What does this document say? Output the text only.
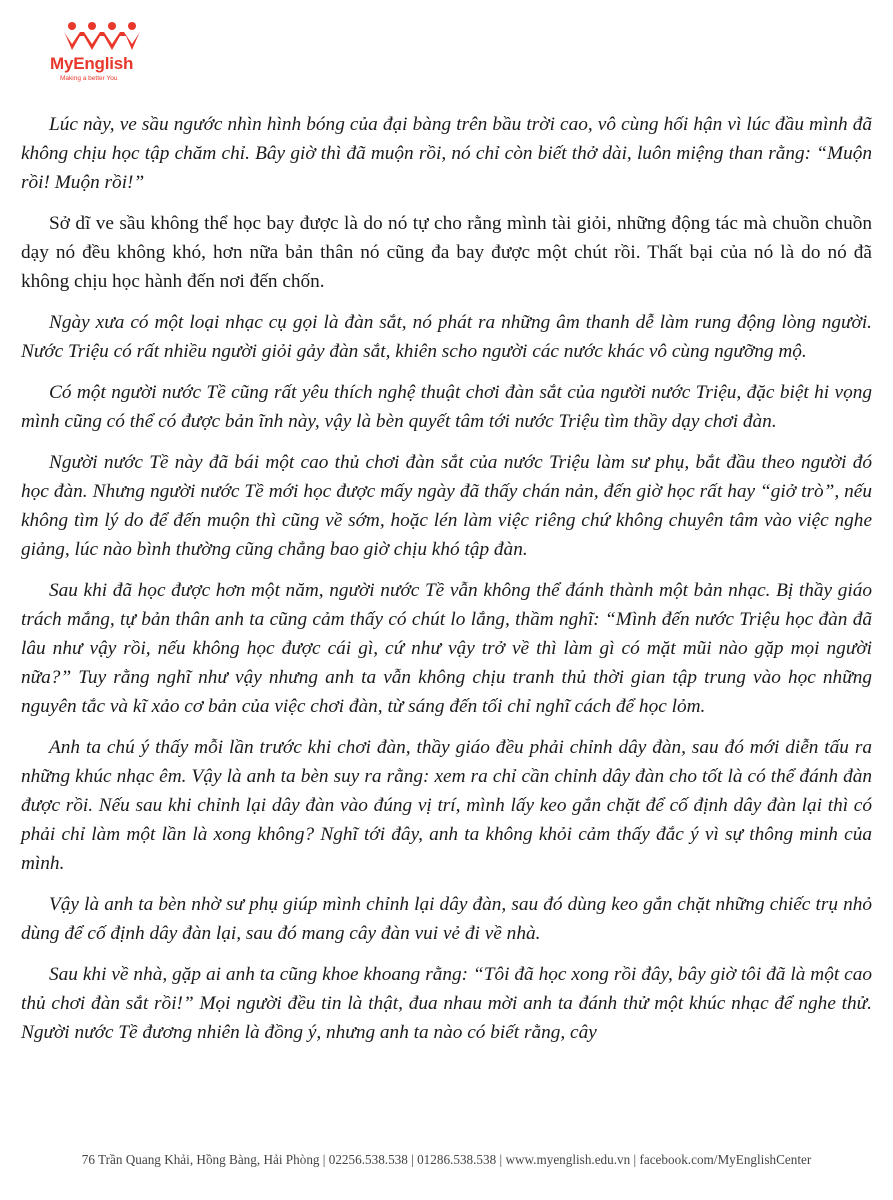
MyEnglish
Making a better You

Lúc này, ve sầu ngước nhìn hình bóng của đại bàng trên bầu trời cao, vô cùng hối hận vì lúc đầu mình đã không chịu học tập chăm chỉ. Bây giờ thì đã muộn rồi, nó chỉ còn biết thở dài, luôn miệng than rằng: “Muộn rồi! Muộn rồi!”

Sở dĩ ve sầu không thể học bay được là do nó tự cho rằng mình tài giỏi, những động tác mà chuồn chuồn dạy nó đều không khó, hơn nữa bản thân nó cũng đa bay được một chút rồi. Thất bại của nó là do nó đã không chịu học hành đến nơi đến chốn.

Ngày xưa có một loại nhạc cụ gọi là đàn sắt, nó phát ra những âm thanh dễ làm rung động lòng người. Nước Triệu có rất nhiều người giỏi gảy đàn sắt, khiên scho người các nước khác vô cùng ngưỡng mộ.

Có một người nước Tề cũng rất yêu thích nghệ thuật chơi đàn sắt của người nước Triệu, đặc biệt hi vọng mình cũng có thể có được bản ĩnh này, vậy là bèn quyết tâm tới nước Triệu tìm thầy dạy chơi đàn.

Người nước Tề này đã bái một cao thủ chơi đàn sắt của nước Triệu làm sư phụ, bắt đầu theo người đó học đàn. Nhưng người nước Tề mới học được mấy ngày đã thấy chán nản, đến giờ học rất hay “giở trò”, nếu không tìm lý do để đến muộn thì cũng về sớm, hoặc lén làm việc riêng chứ không chuyên tâm vào việc nghe giảng, lúc nào bình thường cũng chẳng bao giờ chịu khó tập đàn.

Sau khi đã học được hơn một năm, người nước Tề vẫn không thể đánh thành một bản nhạc. Bị thầy giáo trách mắng, tự bản thân anh ta cũng cảm thấy có chút lo lắng, thầm nghĩ: “Mình đến nước Triệu học đàn đã lâu như vậy rồi, nếu không học được cái gì, cứ như vậy trở về thì làm gì có mặt mũi nào gặp mọi người nữa?” Tuy rằng nghĩ như vậy nhưng anh ta vẫn không chịu tranh thủ thời gian tập trung vào học những nguyên tắc và kĩ xảo cơ bản của việc chơi đàn, từ sáng đến tối chỉ nghĩ cách để học lỏm.

Anh ta chú ý thấy mỗi lần trước khi chơi đàn, thầy giáo đều phải chỉnh dây đàn, sau đó mới diễn tấu ra những khúc nhạc êm. Vậy là anh ta bèn suy ra rằng: xem ra chỉ cần chỉnh dây đàn cho tốt là có thể đánh đàn được rồi. Nếu sau khi chỉnh lại dây đàn vào đúng vị trí, mình lấy keo gắn chặt để cố định dây đàn lại thì có phải chỉ làm một lần là xong không? Nghĩ tới đây, anh ta không khỏi cảm thấy đắc ý vì sự thông minh của mình.

Vậy là anh ta bèn nhờ sư phụ giúp mình chỉnh lại dây đàn, sau đó dùng keo gắn chặt những chiếc trụ nhỏ dùng để cố định dây đàn lại, sau đó mang cây đàn vui vẻ đi về nhà.

Sau khi về nhà, gặp ai anh ta cũng khoe khoang rằng: “Tôi đã học xong rồi đây, bây giờ tôi đã là một cao thủ chơi đàn sắt rồi!” Mọi người đều tin là thật, đua nhau mời anh ta đánh thử một khúc nhạc để nghe thử. Người nước Tề đương nhiên là đồng ý, nhưng anh ta nào có biết rằng, cây

76 Trần Quang Khải, Hồng Bàng, Hải Phòng | 02256.538.538 | 01286.538.538 | www.myenglish.edu.vn | facebook.com/MyEnglishCenter
